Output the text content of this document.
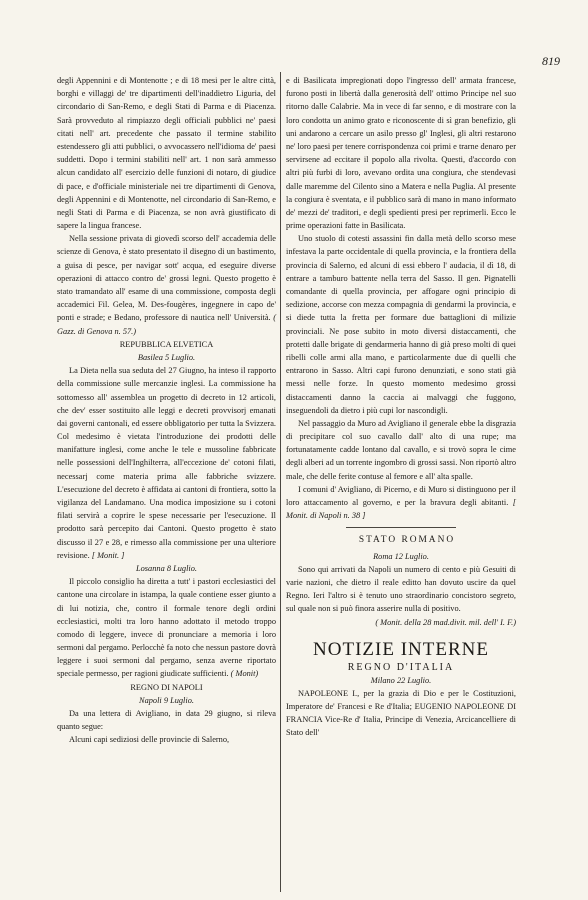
819

degli Appennini e di Montenotte ; e di 18 mesi per le altre città, borghi e villaggi de' tre dipartimenti dell'inaddietro Liguria, del circondario di San-Remo, e degli Stati di Parma e di Piacenza. Sarà provveduto al rimpiazzo degli officiali pubblici ne' paesi citati nell' art. precedente che passato il termine stabilito estendessero gli atti pubblici, o avvocassero nell'idioma de' paesi suddetti. Dopo i termini stabiliti nell' art. 1 non sarà ammesso alcun candidato all' esercizio delle funzioni di notaro, di giudice di pace, e d'officiale ministeriale nei tre dipartimenti di Genova, degli Appennini e di Montenotte, nel circondario di San-Remo, e negli Stati di Parma e di Piacenza, se non avrà giustificato di sapere la lingua francese.

Nella sessione privata di giovedì scorso dell' accademia delle scienze di Genova, è stato presentato il disegno di un bastimento, a guisa di pesce, per navigar sott' acqua, ed eseguire diverse operazioni di attacco contro de' grossi legni. Questo progetto è stato tramandato all' esame di una commissione, composta degli accademici Fil. Gelea, M. Des-fougères, ingegnere in capo de' ponti e strade; e Bedano, professore di nautica nell' Università. ( Gazz. di Genova n. 57.)

REPUBBLICA ELVETICA

Basilea 5 Luglio.

La Dieta nella sua seduta del 27 Giugno, ha inteso il rapporto della commissione sulle mercanzie inglesi. La commissione ha sottomesso all' assemblea un progetto di decreto in 12 articoli, che dev' esser sostituito alle leggi e decreti provvisorj emanati dai governi cantonali, ed essere obbligatorio per tutta la Svizzera. Col medesimo è vietata l'introduzione dei prodotti delle manifatture inglesi, come anche le tele e mussoline fabbricate nelle possessioni dell'Inghilterra, all'eccezione de' cotoni filati, necessarj come materia prima alle fabbriche svizzere. L'esecuzione del decreto è affidata ai cantoni di frontiera, sotto la vigilanza del Landamano. Una modica imposizione su i cotoni filati servirà a coprire le spese necessarie per l'esecuzione. Il prodotto sarà percepito dai Cantoni. Questo progetto è stato discusso il 27 e 28, e rimesso alla commissione per una ulteriore revisione. [ Monit. ]

Losanna 8 Luglio.

Il piccolo consiglio ha diretta a tutt' i pastori ecclesiastici del cantone una circolare in istampa, la quale contiene esser giunto a di lui notizia, che, contro il formale tenore degli ordini ecclesiastici, molti tra loro hanno adottato il metodo troppo comodo di leggere, invece di pronunciare a memoria i loro sermoni dal pergamo. Perlocchè fa noto che nessun pastore dovrà leggere i suoi sermoni dal pergamo, senza averne riportato speciale permesso, per ragioni giudicate sufficienti. ( Monit)

REGNO DI NAPOLI

Napoli 9 Luglio.

Da una lettera di Avigliano, in data 29 giugno, si rileva quanto segue:

Alcuni capi sediziosi delle provincie di Salerno,

e di Basilicata impregionati dopo l'ingresso dell' armata francese, furono posti in libertà dalla generosità dell' ottimo Principe nel suo ritorno dalle Calabrie. Ma in vece di far senno, e di mostrare con la loro condotta un animo grato e riconoscente di sì gran benefizio, gli uni andarono a cercare un asilo presso gl' Inglesi, gli altri restarono ne' loro paesi per tenere corrispondenza coi primi e trarne denaro per servirsene ad eccitare il popolo alla rivolta. Questi, d'accordo con altri più furbi di loro, avevano ordita una congiura, che stendevasi dalle maremme del Cilento sino a Matera e nella Puglia. Al presente la congiura è sventata, e il pubblico sarà di mano in mano informato de' mezzi de' traditori, e degli spedienti presi per reprimerli. Ecco le prime operazioni fatte in Basilicata.

Uno stuolo di cotesti assassini fin dalla metà dello scorso mese infestava la parte occidentale di quella provincia, e la frontiera della provincia di Salerno, ed alcuni di essi ebbero l' audacia, il dì 18, di entrare a tamburo battente nella terra del Sasso. Il gen. Pignatelli comandante di quella provincia, per affogare ogni principio di sedizione, accorse con mezza compagnia di gendarmi la provincia, e si diede tutta la fretta per formare due battaglioni di milizie provinciali. Ne pose subito in moto diversi distaccamenti, che protetti dalle brigate di gendarmeria hanno di già preso molti di quei ribelli colle armi alla mano, e particolarmente due di quelli che entrarono in Sasso. Altri capi furono denunziati, e sono stati già messi nelle forze. In questo momento medesimo grossi distaccamenti danno la caccia ai malvaggi che fuggono, inseguendoli da dietro i più cupi lor nascondigli.

Nel passaggio da Muro ad Avigliano il generale ebbe la disgrazia di precipitare col suo cavallo dall' alto di una rupe; ma fortunatamente cadde lontano dal cavallo, e si trovò sopra le cime degli alberi ad un torrente ingombro di grossi sassi. Non riportò altro male, che delle ferite contuse al femore e all' alta spalle.

I comuni d' Avigliano, di Picerno, e di Muro si distinguono per il loro attaccamento al governo, e per la bravura degli abitanti. [ Monit. di Napoli n. 38 ]

STATO ROMANO

Roma 12 Luglio.

Sono qui arrivati da Napoli un numero di cento e più Gesuiti di varie nazioni, che dietro il reale editto han dovuto uscire da quel Regno. Ieri l'altro si è tenuto uno straordinario concistoro segreto, sul quale non si può finora asserire nulla di positivo.

( Monit. della 28 mad.divit. mil. dell' I. F.)

NOTIZIE INTERNE
REGNO D'ITALIA

Milano 22 Luglio.

NAPOLEONE I., per la grazia di Dio e per le Costituzioni, Imperatore de' Francesi e Re d'Italia; EUGENIO NAPOLEONE DI FRANCIA Vice-Re d' Italia, Principe di Venezia, Arcicancelliere di Stato dell'
